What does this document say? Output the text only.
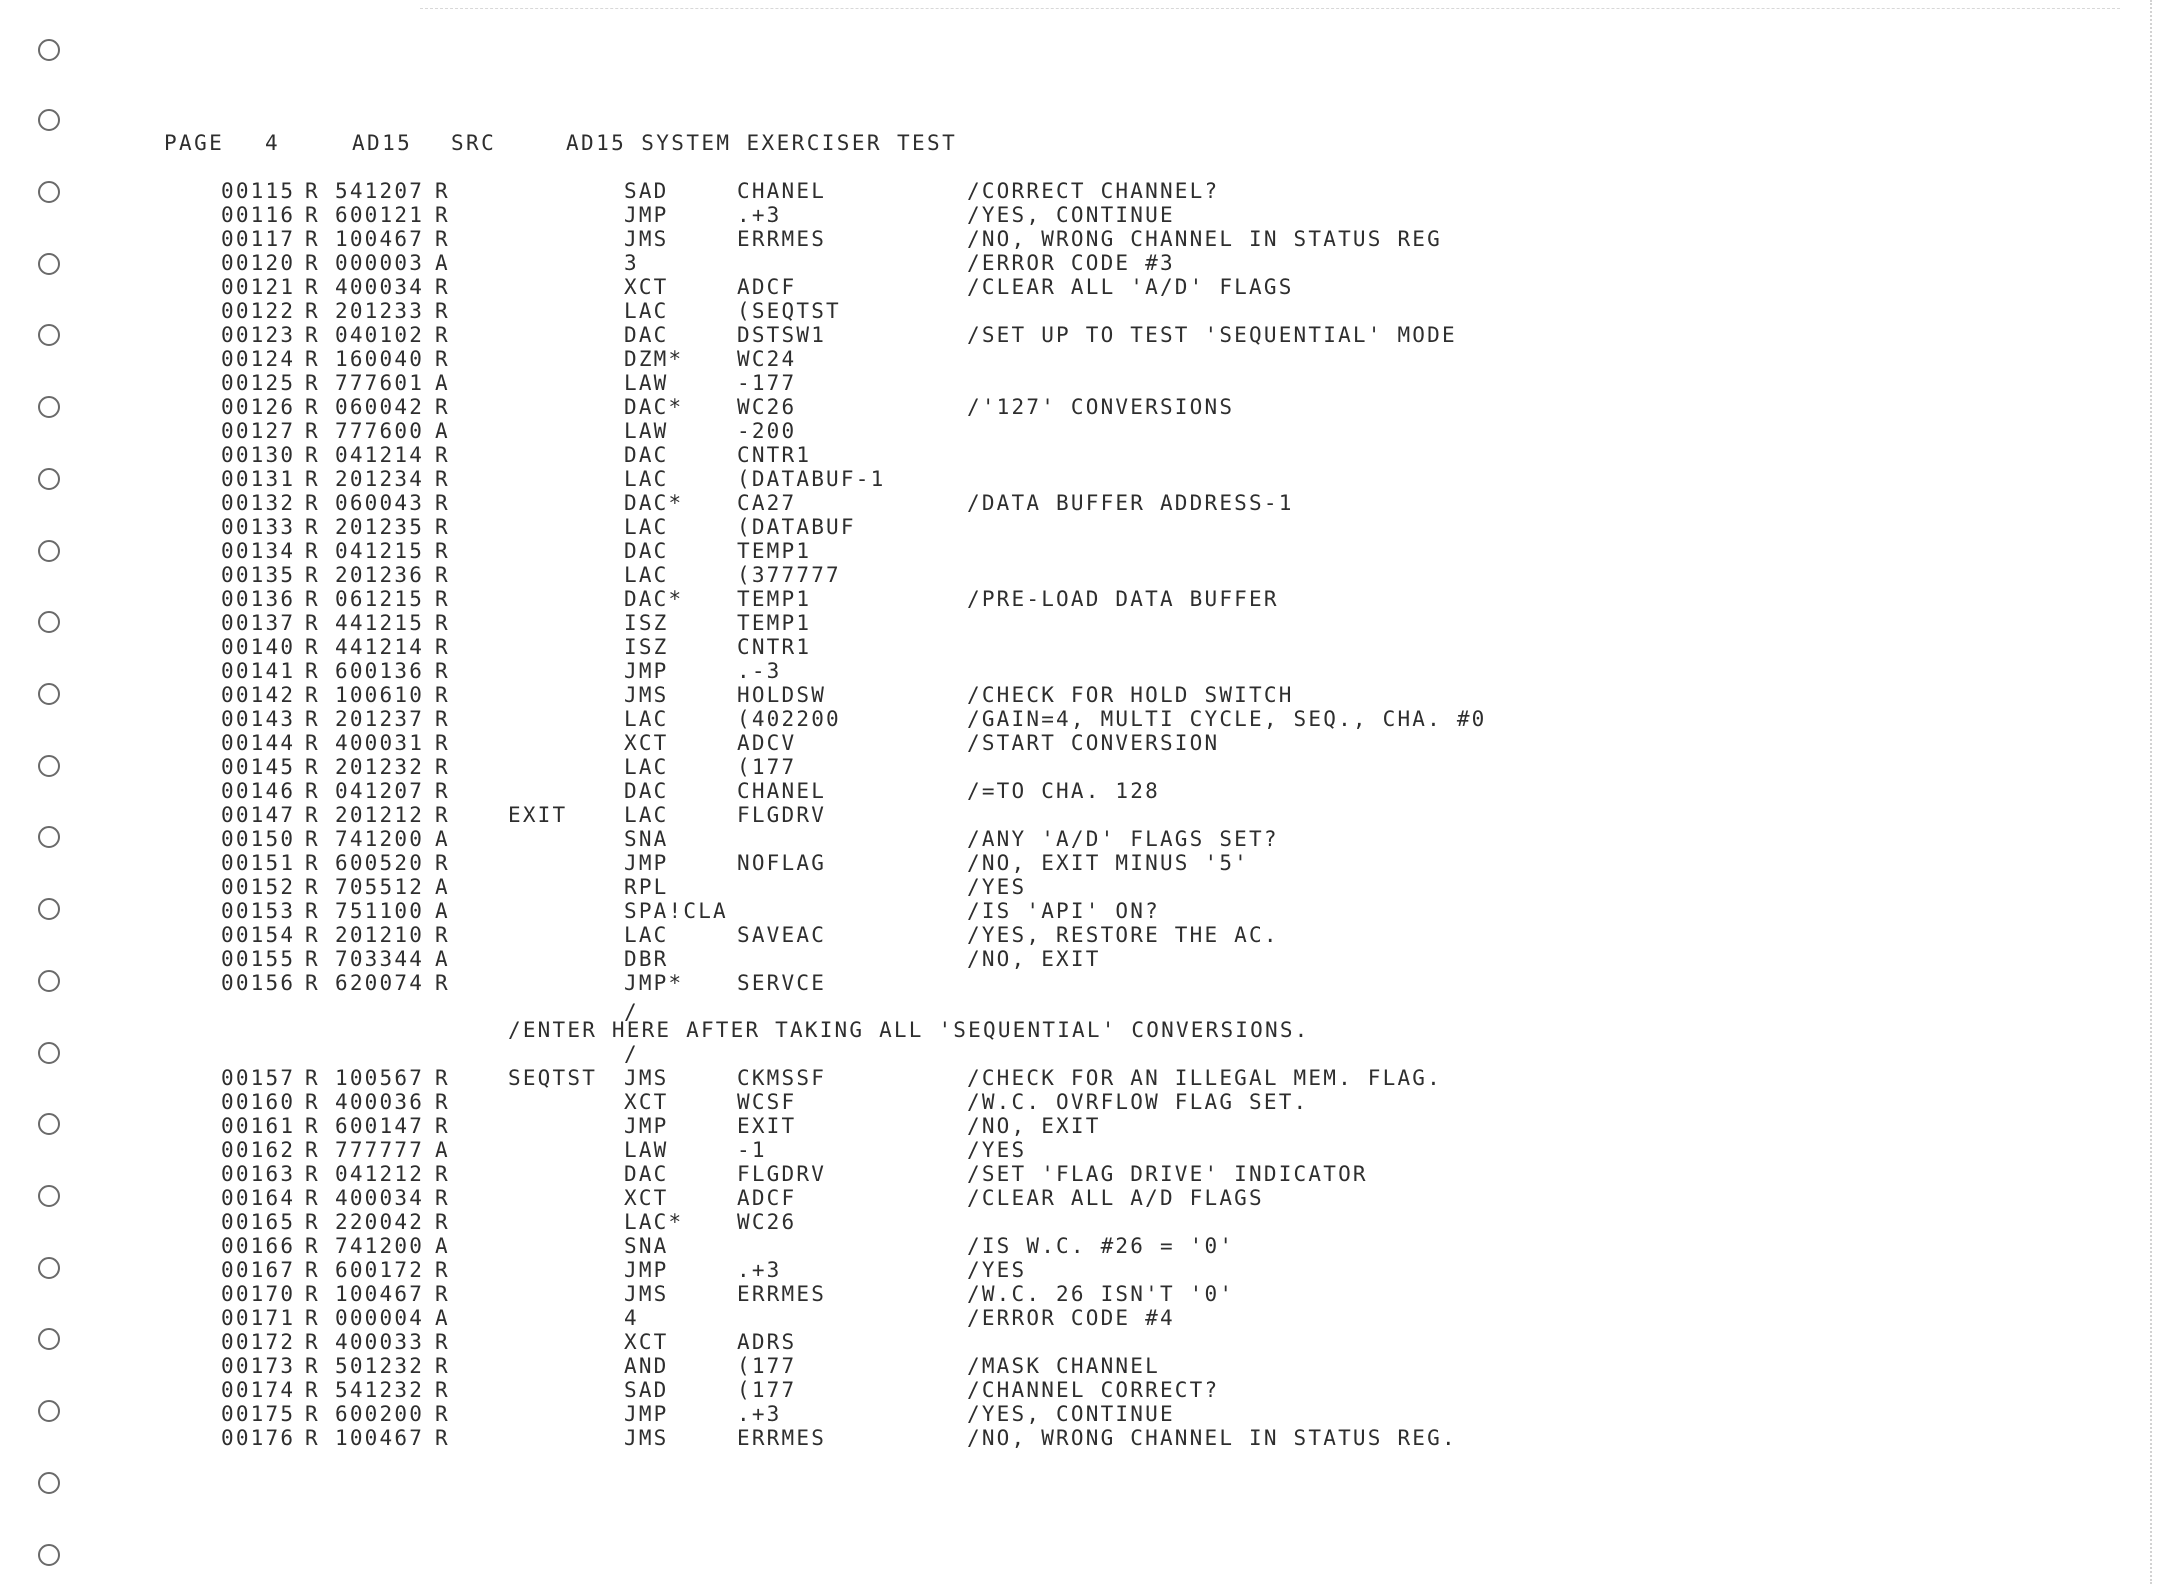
PAGE 4	AD15 SRC	AD15 SYSTEM EXERCISER TEST
00115 R 541207 R	SAD	CHANEL	/CORRECT CHANNEL?
00116 R 600121 R	JMP	.+3	/YES, CONTINUE
00117 R 100467 R	JMS	ERRMES	/NO, WRONG CHANNEL IN STATUS REG
00120 R 000003 A	3	/ERROR CODE #3
00121 R 400034 R	XCT	ADCF	/CLEAR ALL 'A/D' FLAGS
00122 R 201233 R	LAC	(SEQTST
00123 R 040102 R	DAC	DSTSW1	/SET UP TO TEST 'SEQUENTIAL' MODE
00124 R 160040 R	DZM*	WC24
00125 R 777601 A	LAW	-177
00126 R 060042 R	DAC*	WC26	/'127' CONVERSIONS
00127 R 777600 A	LAW	-200
00130 R 041214 R	DAC	CNTR1
00131 R 201234 R	LAC	(DATABUF-1
00132 R 060043 R	DAC*	CA27	/DATA BUFFER ADDRESS-1
00133 R 201235 R	LAC	(DATABUF
00134 R 041215 R	DAC	TEMP1
00135 R 201236 R	LAC	(377777
00136 R 061215 R	DAC*	TEMP1	/PRE-LOAD DATA BUFFER
00137 R 441215 R	ISZ	TEMP1
00140 R 441214 R	ISZ	CNTR1
00141 R 600136 R	JMP	.-3
00142 R 100610 R	JMS	HOLDSW	/CHECK FOR HOLD SWITCH
00143 R 201237 R	LAC	(402200	/GAIN=4, MULTI CYCLE, SEQ., CHA. #0
00144 R 400031 R	XCT	ADCV	/START CONVERSION
00145 R 201232 R	LAC	(177
00146 R 041207 R	DAC	CHANEL	/=TO CHA. 128
00147 R 201212 R	EXIT	LAC	FLGDRV
00150 R 741200 A	SNA	/ANY 'A/D' FLAGS SET?
00151 R 600520 R	JMP	NOFLAG	/NO, EXIT MINUS '5'
00152 R 705512 A	RPL	/YES
00153 R 751100 A	SPA!CLA	/IS 'API' ON?
00154 R 201210 R	LAC	SAVEAC	/YES, RESTORE THE AC.
00155 R 703344 A	DBR	/NO, EXIT
00156 R 620074 R	JMP*	SERVCE
/
/ENTER HERE AFTER TAKING ALL 'SEQUENTIAL' CONVERSIONS.
/
00157 R 100567 R	SEQTST JMS	CKMSSF	/CHECK FOR AN ILLEGAL MEM. FLAG.
00160 R 400036 R	XCT	WCSF	/W.C. OVRFLOW FLAG SET.
00161 R 600147 R	JMP	EXIT	/NO, EXIT
00162 R 777777 A	LAW	-1	/YES
00163 R 041212 R	DAC	FLGDRV	/SET 'FLAG DRIVE' INDICATOR
00164 R 400034 R	XCT	ADCF	/CLEAR ALL A/D FLAGS
00165 R 220042 R	LAC*	WC26
00166 R 741200 A	SNA	/IS W.C. #26 = '0'
00167 R 600172 R	JMP	.+3	/YES
00170 R 100467 R	JMS	ERRMES	/W.C. 26 ISN'T '0'
00171 R 000004 A	4	/ERROR CODE #4
00172 R 400033 R	XCT	ADRS
00173 R 501232 R	AND	(177	/MASK CHANNEL
00174 R 541232 R	SAD	(177	/CHANNEL CORRECT?
00175 R 600200 R	JMP	.+3	/YES, CONTINUE
00176 R 100467 R	JMS	ERRMES	/NO, WRONG CHANNEL IN STATUS REG.
